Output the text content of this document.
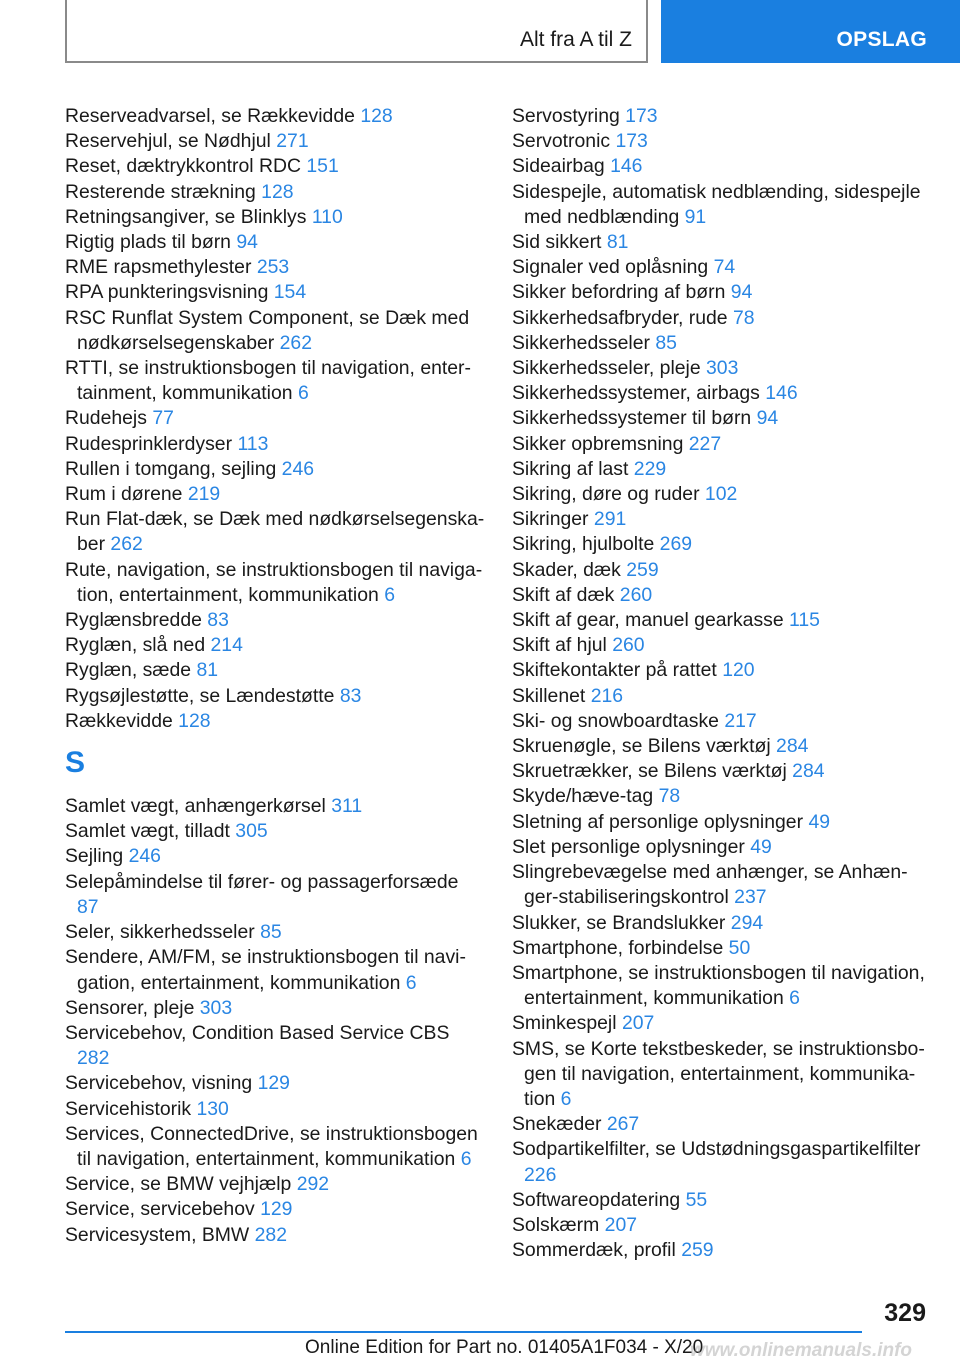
Alt fra A til Z	OPSLAG
Reserveadvarsel, se Rækkevidde 128
Reservehjul, se Nødhjul 271
Reset, dæktrykkontrol RDC 151
Resterende strækning 128
Retningsangiver, se Blinklys 110
Rigtig plads til børn 94
RME rapsmethylester 253
RPA punkteringsvisning 154
RSC Runflat System Component, se Dæk med nødkørselsegenskaber 262
RTTI, se instruktionsbogen til navigation, entertainment, kommunikation 6
Rudehejs 77
Rudesprinklerdyser 113
Rullen i tomgang, sejling 246
Rum i dørene 219
Run Flat-dæk, se Dæk med nødkørselsegenskaber 262
Rute, navigation, se instruktionsbogen til navigation, entertainment, kommunikation 6
Ryglænsbredde 83
Ryglæn, slå ned 214
Ryglæn, sæde 81
Rygsøjlestøtte, se Lændestøtte 83
Rækkevidde 128
S
Samlet vægt, anhængerkørsel 311
Samlet vægt, tilladt 305
Sejling 246
Selepåmindelse til fører- og passagerforsæde 87
Seler, sikkerhedsseler 85
Sendere, AM/FM, se instruktionsbogen til navigation, entertainment, kommunikation 6
Sensorer, pleje 303
Servicebehov, Condition Based Service CBS 282
Servicebehov, visning 129
Servicehistorik 130
Services, ConnectedDrive, se instruktionsbogen til navigation, entertainment, kommunikation 6
Service, se BMW vejhjælp 292
Service, servicebehov 129
Servicesystem, BMW 282
Servostyring 173
Servotronic 173
Sideairbag 146
Sidespejle, automatisk nedblænding, sidespejle med nedblænding 91
Sid sikkert 81
Signaler ved oplåsning 74
Sikker befordring af børn 94
Sikkerhedsafbryder, rude 78
Sikkerhedsseler 85
Sikkerhedsseler, pleje 303
Sikkerhedssystemer, airbags 146
Sikkerhedssystemer til børn 94
Sikker opbremsning 227
Sikring af last 229
Sikring, døre og ruder 102
Sikringer 291
Sikring, hjulbolte 269
Skader, dæk 259
Skift af dæk 260
Skift af gear, manuel gearkasse 115
Skift af hjul 260
Skiftekontakter på rattet 120
Skillenet 216
Ski- og snowboardtaske 217
Skruenøgle, se Bilens værktøj 284
Skruetrækker, se Bilens værktøj 284
Skyde/hæve-tag 78
Sletning af personlige oplysninger 49
Slet personlige oplysninger 49
Slingrebevægelse med anhænger, se Anhænger-stabiliseringskontrol 237
Slukker, se Brandslukker 294
Smartphone, forbindelse 50
Smartphone, se instruktionsbogen til navigation, entertainment, kommunikation 6
Sminkespejl 207
SMS, se Korte tekstbeskeder, se instruktionsbogen til navigation, entertainment, kommunikation 6
Snekæder 267
Sodpartikelfilter, se Udstødningsgaspartikelfilter 226
Softwareopdatering 55
Solskærm 207
Sommerdæk, profil 259
329
Online Edition for Part no. 01405A1F034 - X/20
www.onlinemanuals.info
